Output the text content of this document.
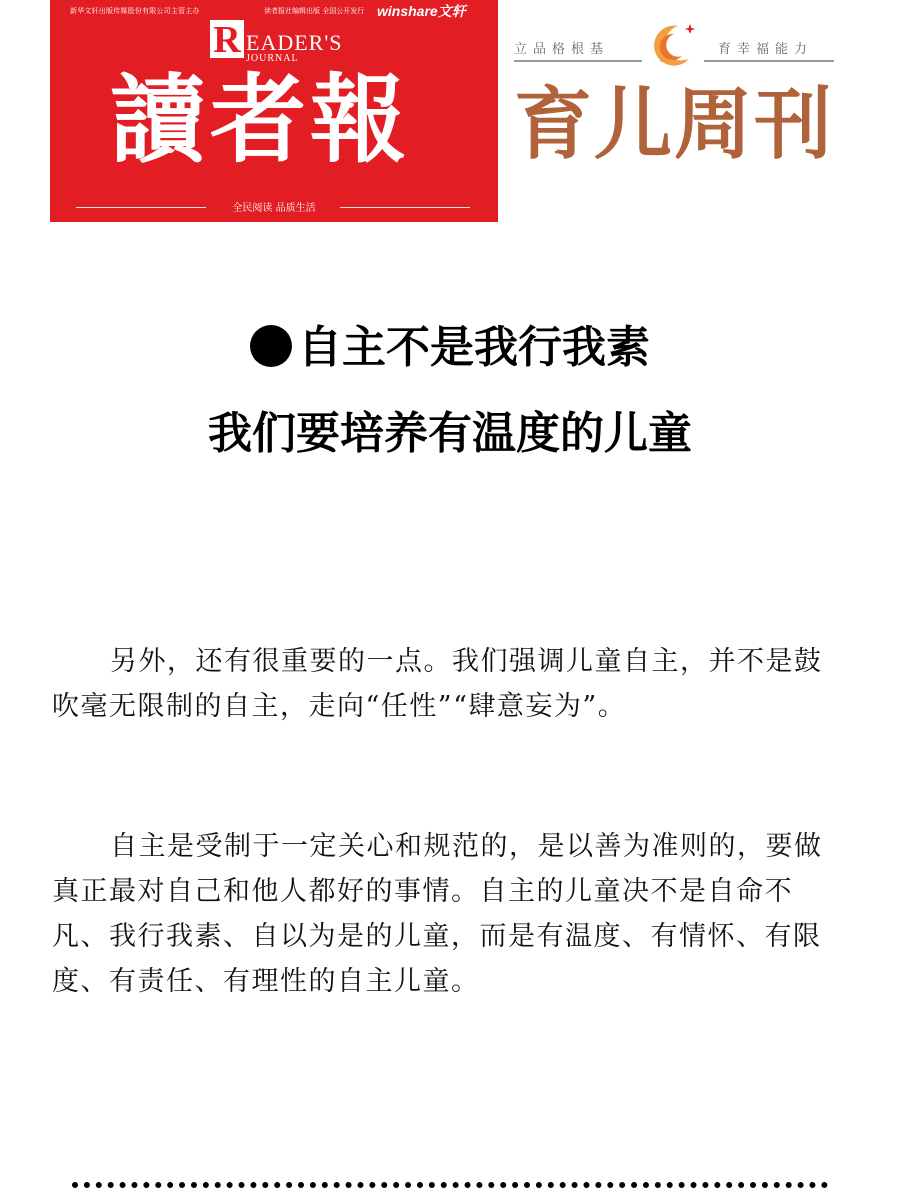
新华文轩出版传媒股份有限公司主管主办	读者报社编辑出版 全国公开发行 winshare文轩
R EADER'S
JOURNAL
讀者報
全民阅读 品质生活
立品格根基	育幸福能力
育儿周刊
自主不是我行我素
我们要培养有温度的儿童

另外，还有很重要的一点。我们强调儿童自主，并不是鼓吹毫无限制的自主，走向“任性”“肆意妄为”。

自主是受制于一定关心和规范的，是以善为准则的，要做真正最对自己和他人都好的事情。自主的儿童决不是自命不凡、我行我素、自以为是的儿童，而是有温度、有情怀、有限度、有责任、有理性的自主儿童。
